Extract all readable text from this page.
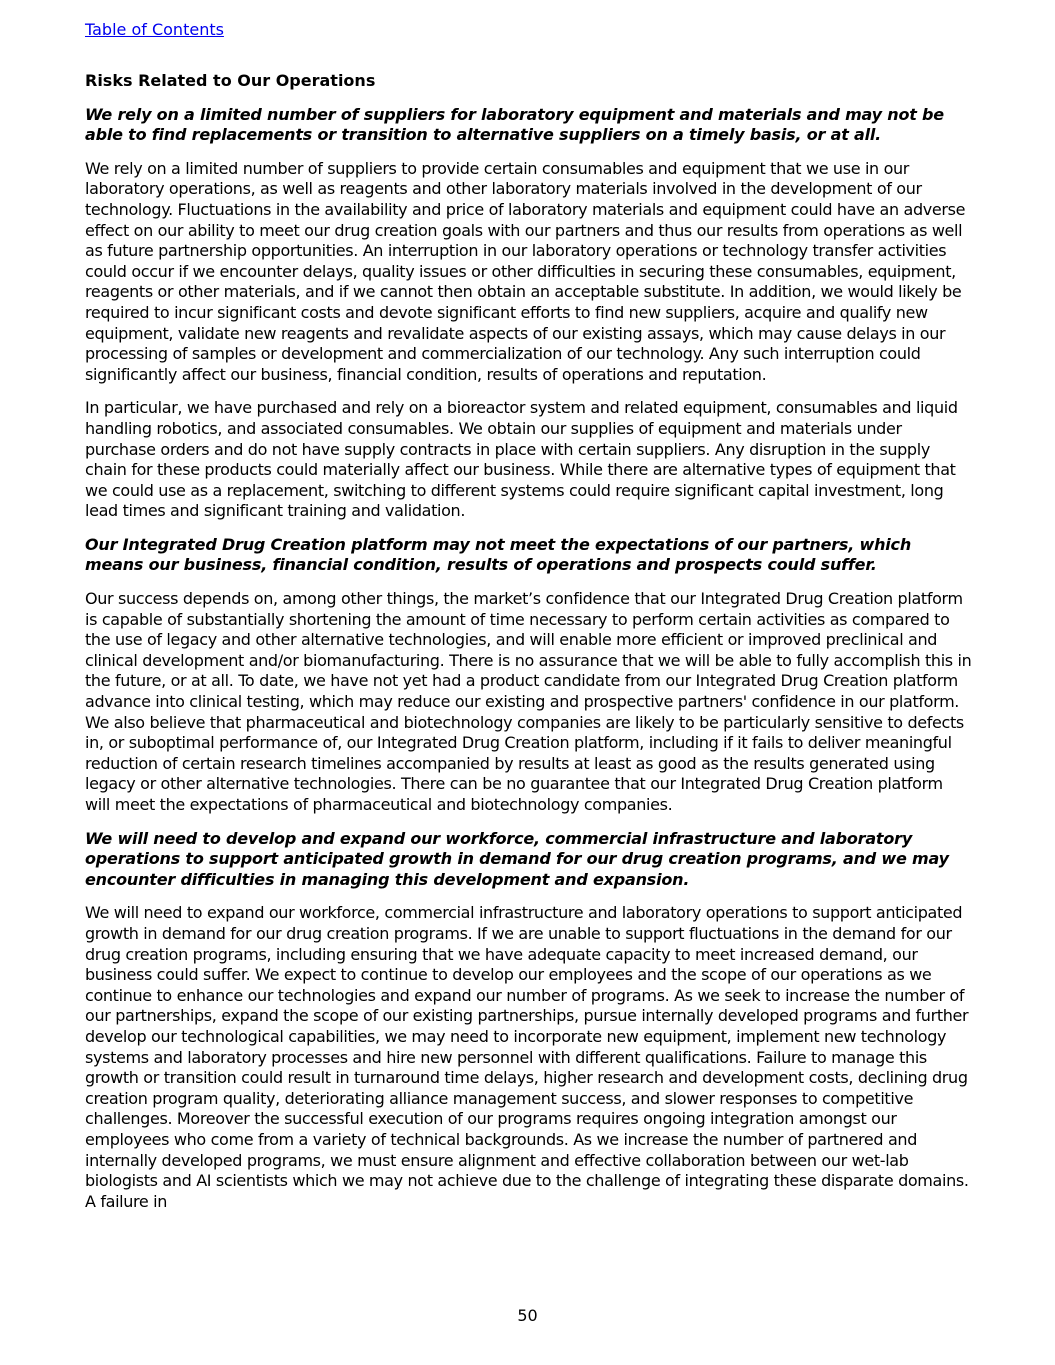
Table of Contents
Risks Related to Our Operations
We rely on a limited number of suppliers for laboratory equipment and materials and may not be able to find replacements or transition to alternative suppliers on a timely basis, or at all.

We rely on a limited number of suppliers to provide certain consumables and equipment that we use in our laboratory operations, as well as reagents and other laboratory materials involved in the development of our technology. Fluctuations in the availability and price of laboratory materials and equipment could have an adverse effect on our ability to meet our drug creation goals with our partners and thus our results from operations as well as future partnership opportunities. An interruption in our laboratory operations or technology transfer activities could occur if we encounter delays, quality issues or other difficulties in securing these consumables, equipment, reagents or other materials, and if we cannot then obtain an acceptable substitute. In addition, we would likely be required to incur significant costs and devote significant efforts to find new suppliers, acquire and qualify new equipment, validate new reagents and revalidate aspects of our existing assays, which may cause delays in our processing of samples or development and commercialization of our technology. Any such interruption could significantly affect our business, financial condition, results of operations and reputation.

In particular, we have purchased and rely on a bioreactor system and related equipment, consumables and liquid handling robotics, and associated consumables. We obtain our supplies of equipment and materials under purchase orders and do not have supply contracts in place with certain suppliers. Any disruption in the supply chain for these products could materially affect our business. While there are alternative types of equipment that we could use as a replacement, switching to different systems could require significant capital investment, long lead times and significant training and validation.

Our Integrated Drug Creation platform may not meet the expectations of our partners, which means our business, financial condition, results of operations and prospects could suffer.

Our success depends on, among other things, the market’s confidence that our Integrated Drug Creation platform is capable of substantially shortening the amount of time necessary to perform certain activities as compared to the use of legacy and other alternative technologies, and will enable more efficient or improved preclinical and clinical development and/or biomanufacturing. There is no assurance that we will be able to fully accomplish this in the future, or at all. To date, we have not yet had a product candidate from our Integrated Drug Creation platform advance into clinical testing, which may reduce our existing and prospective partners' confidence in our platform. We also believe that pharmaceutical and biotechnology companies are likely to be particularly sensitive to defects in, or suboptimal performance of, our Integrated Drug Creation platform, including if it fails to deliver meaningful reduction of certain research timelines accompanied by results at least as good as the results generated using legacy or other alternative technologies. There can be no guarantee that our Integrated Drug Creation platform will meet the expectations of pharmaceutical and biotechnology companies.

We will need to develop and expand our workforce, commercial infrastructure and laboratory operations to support anticipated growth in demand for our drug creation programs, and we may encounter difficulties in managing this development and expansion.

We will need to expand our workforce, commercial infrastructure and laboratory operations to support anticipated growth in demand for our drug creation programs. If we are unable to support fluctuations in the demand for our drug creation programs, including ensuring that we have adequate capacity to meet increased demand, our business could suffer. We expect to continue to develop our employees and the scope of our operations as we continue to enhance our technologies and expand our number of programs. As we seek to increase the number of our partnerships, expand the scope of our existing partnerships, pursue internally developed programs and further develop our technological capabilities, we may need to incorporate new equipment, implement new technology systems and laboratory processes and hire new personnel with different qualifications. Failure to manage this growth or transition could result in turnaround time delays, higher research and development costs, declining drug creation program quality, deteriorating alliance management success, and slower responses to competitive challenges. Moreover the successful execution of our programs requires ongoing integration amongst our employees who come from a variety of technical backgrounds. As we increase the number of partnered and internally developed programs, we must ensure alignment and effective collaboration between our wet-lab biologists and AI scientists which we may not achieve due to the challenge of integrating these disparate domains. A failure in

50
